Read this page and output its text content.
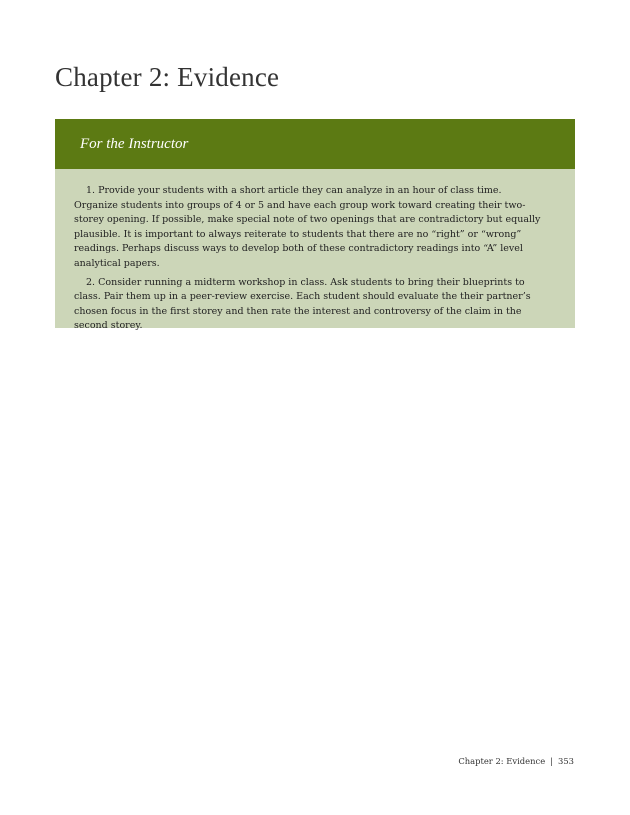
Chapter 2: Evidence
For the Instructor

1. Provide your students with a short article they can analyze in an hour of class time. Organize students into groups of 4 or 5 and have each group work toward creating their two-storey opening. If possible, make special note of two openings that are contradictory but equally plausible. It is important to always reiterate to students that there are no “right” or “wrong” readings. Perhaps discuss ways to develop both of these contradictory readings into “A” level analytical papers.

2. Consider running a midterm workshop in class. Ask students to bring their blueprints to class. Pair them up in a peer-review exercise. Each student should evaluate the their partner’s chosen focus in the first storey and then rate the interest and controversy of the claim in the second storey.

Chapter 2: Evidence | 353
